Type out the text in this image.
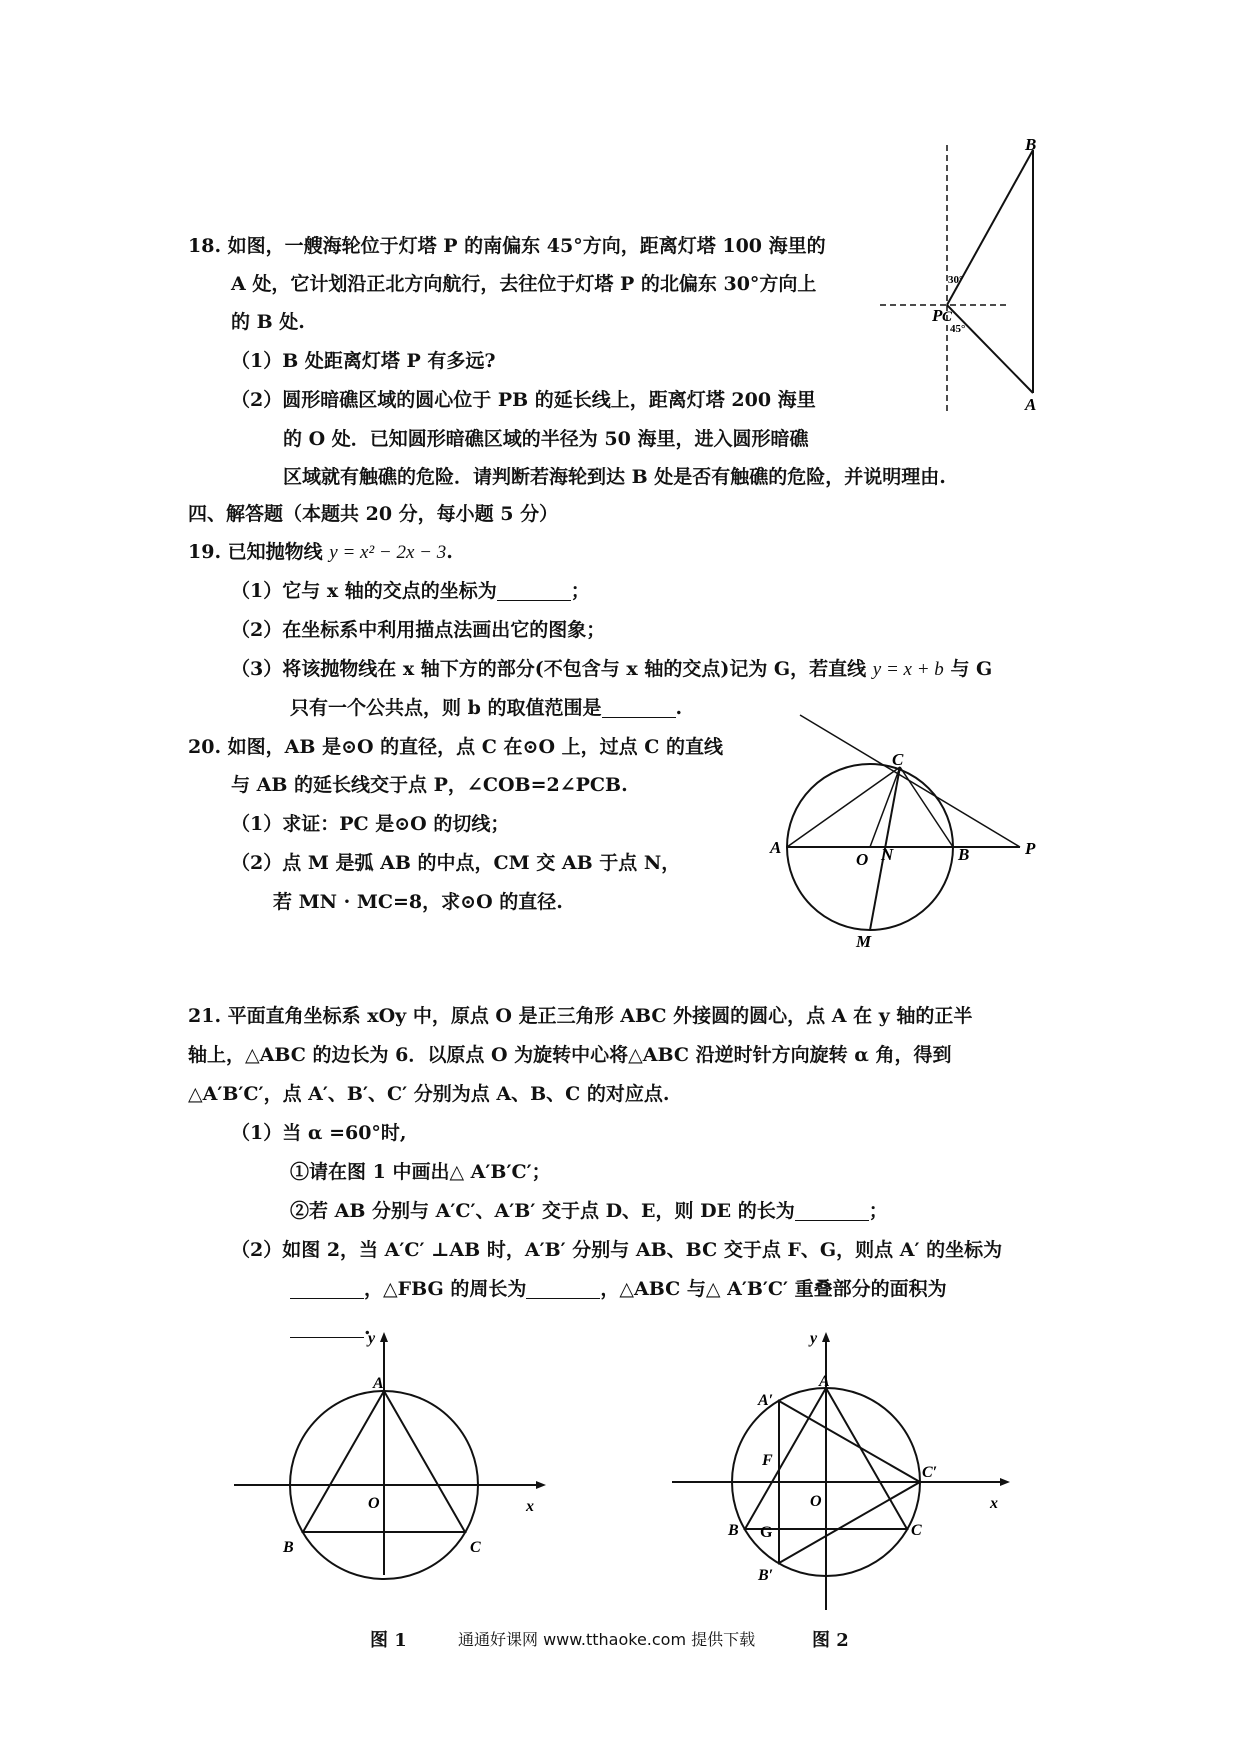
18. 如图，一艘海轮位于灯塔 P 的南偏东 45°方向，距离灯塔 100 海里的
A 处，它计划沿正北方向航行，去往位于灯塔 P 的北偏东 30°方向上
的 B 处.
（1）B 处距离灯塔 P 有多远?
（2）圆形暗礁区域的圆心位于 PB 的延长线上，距离灯塔 200 海里
的 O 处．已知圆形暗礁区域的半径为 50 海里，进入圆形暗礁
区域就有触礁的危险．请判断若海轮到达 B 处是否有触礁的危险，并说明理由.
B
A
P C
30°
45°
四、解答题（本题共 20 分，每小题 5 分）
19. 已知抛物线 y = x² − 2x − 3.
（1）它与 x 轴的交点的坐标为	；
（2）在坐标系中利用描点法画出它的图象；
（3）将该抛物线在 x 轴下方的部分(不包含与 x 轴的交点)记为 G，若直线 y = x + b 与 G
只有一个公共点，则 b 的取值范围是	.
20. 如图，AB 是⊙O 的直径，点 C 在⊙O 上，过点 C 的直线
与 AB 的延长线交于点 P，∠COB=2∠PCB.
（1）求证：PC 是⊙O 的切线；
（2）点 M 是弧 AB 的中点，CM 交 AB 于点 N，
若 MN · MC=8，求⊙O 的直径.
C
A
O N	B	P
M
21. 平面直角坐标系 xOy 中，原点 O 是正三角形 ABC 外接圆的圆心，点 A 在 y 轴的正半
轴上，△ABC 的边长为 6．以原点 O 为旋转中心将△ABC 沿逆时针方向旋转 α 角，得到
△A′B′C′，点 A′、B′、C′ 分别为点 A、B、C 的对应点.
（1）当 α =60°时,
①请在图 1 中画出△ A′B′C′；
②若 AB 分别与 A′C′、A′B′ 交于点 D、E，则 DE 的长为	；
（2）如图 2，当 A′C′ ⊥AB 时，A′B′ 分别与 AB、BC 交于点 F、G，则点 A′ 的坐标为
，△FBG 的周长为	，△ABC 与△ A′B′C′ 重叠部分的面积为
.
y
x
A
O
B	C
y
x
A
A′
F
O
C′
B G	C
B′
图 1	通通好课网 www.tthaoke.com 提供下载	图 2
